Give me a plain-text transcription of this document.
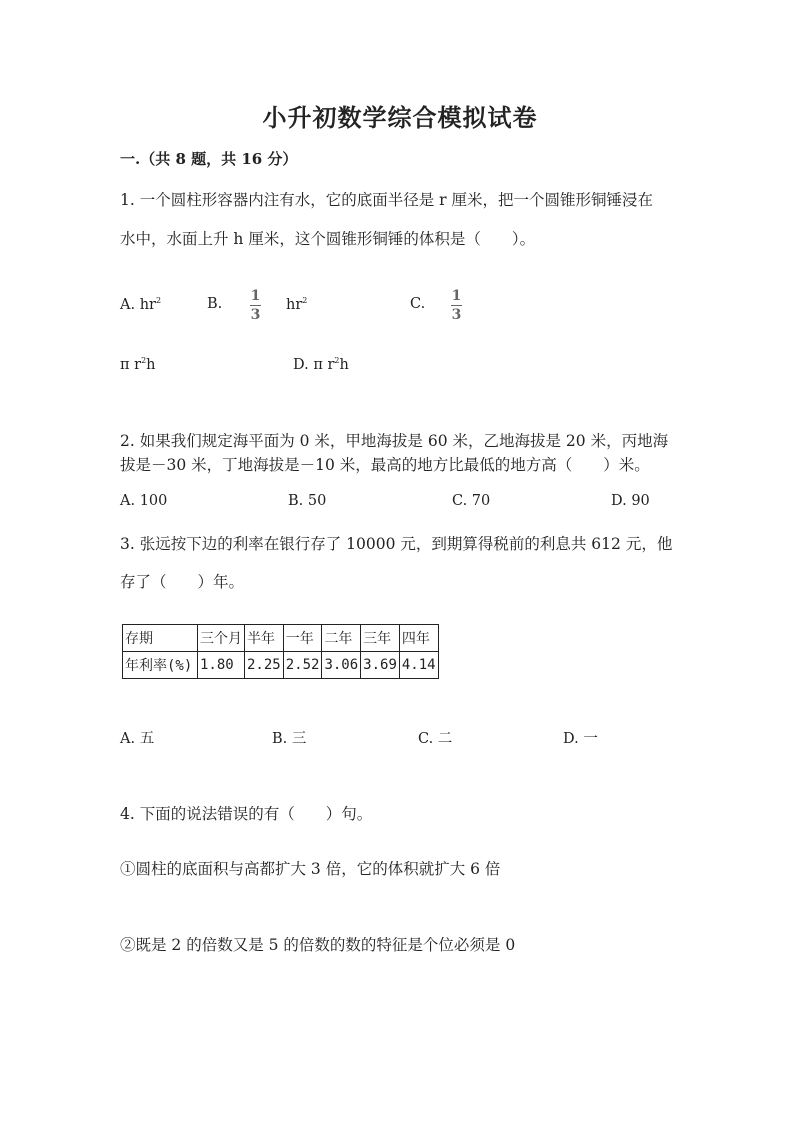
小升初数学综合模拟试卷
一.（共 8 题，共 16 分）
1. 一个圆柱形容器内注有水，它的底面半径是 r 厘米，把一个圆锥形铜锤浸在
水中，水面上升 h 厘米，这个圆锥形铜锤的体积是（　　）。
A. $hr^2$	B. 1
3
$hr^2$	C. 1
3
π $r^2h$	D. π $r^2h$
2. 如果我们规定海平面为 0 米，甲地海拔是 60 米，乙地海拔是 20 米，丙地海
拔是－30 米，丁地海拔是－10 米，最高的地方比最低的地方高（　　）米。
A. 100	B. 50	C. 70	D. 90
3. 张远按下边的利率在银行存了 10000 元，到期算得税前的利息共 612 元，他
存了（　　）年。
存期	三个月	半年	一年	二年	三年	四年
年利率(%)	1.80	2.25	2.52	3.06	3.69	4.14
A. 五	B. 三	C. 二	D. 一
4. 下面的说法错误的有（　　）句。
①圆柱的底面积与高都扩大 3 倍，它的体积就扩大 6 倍
②既是 2 的倍数又是 5 的倍数的数的特征是个位必须是 0
